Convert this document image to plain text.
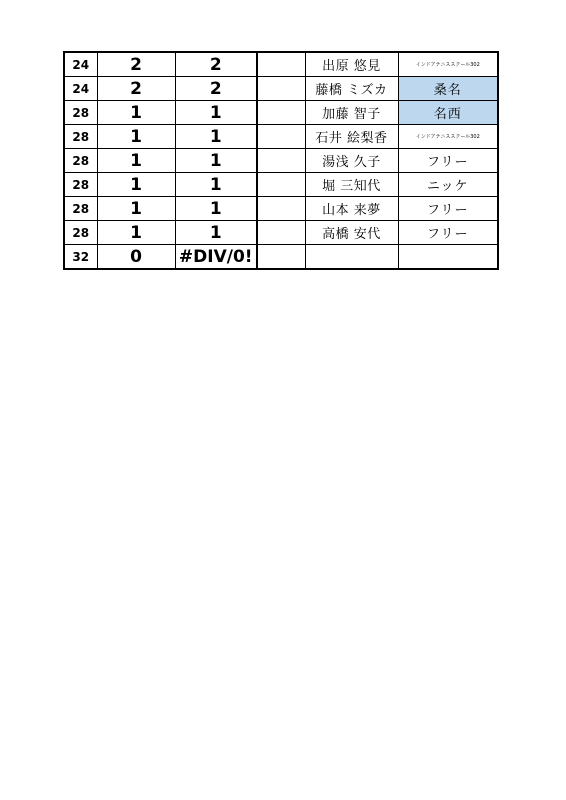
24	2	2		出原 悠見	インドアテニススクール302
24	2	2		藤橋 ミズカ	桑名
28	1	1		加藤 智子	名西
28	1	1		石井 絵梨香	インドアテニススクール302
28	1	1		湯浅 久子	フリー
28	1	1		堀 三知代	ニッケ
28	1	1		山本 来夢	フリー
28	1	1		高橋 安代	フリー
32	0	#DIV/0!			
